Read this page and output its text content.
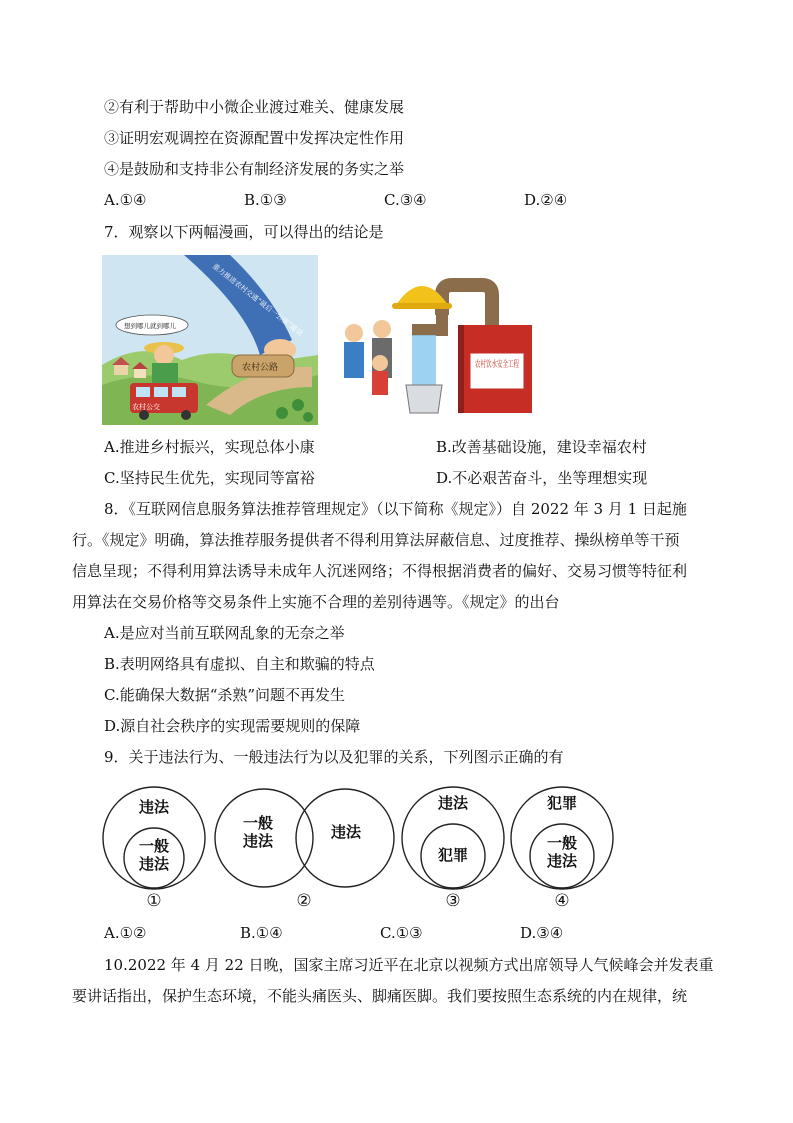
②有利于帮助中小微企业渡过难关、健康发展
③证明宏观调控在资源配置中发挥决定性作用
④是鼓励和支持非公有制经济发展的务实之举
A.①④	B.①③	C.③④	D.②④
7．观察以下两幅漫画，可以得出的结论是
重力推进农村交通“最后一公里”建设
农村公路
想到哪儿就到哪儿
农村公交
农村饮水安全工程
A.推进乡村振兴，实现总体小康	B.改善基础设施，建设幸福农村
C.坚持民生优先，实现同等富裕	D.不必艰苦奋斗，坐等理想实现
8．《互联网信息服务算法推荐管理规定》（以下简称《规定》）自 2022 年 3 月 1 日起施
行。《规定》明确，算法推荐服务提供者不得利用算法屏蔽信息、过度推荐、操纵榜单等干预
信息呈现；不得利用算法诱导未成年人沉迷网络；不得根据消费者的偏好、交易习惯等特征利
用算法在交易价格等交易条件上实施不合理的差别待遇等。《规定》的出台
A.是应对当前互联网乱象的无奈之举
B.表明网络具有虚拟、自主和欺骗的特点
C.能确保大数据“杀熟”问题不再发生
D.源自社会秩序的实现需要规则的保障
9．关于违法行为、一般违法行为以及犯罪的关系，下列图示正确的有
违法
一般
违法
①
一般
违法	违法
②
违法
犯罪
③
犯罪
一般
违法
④
A.①②	B.①④	C.①③	D.③④
10.2022 年 4 月 22 日晚，国家主席习近平在北京以视频方式出席领导人气候峰会并发表重
要讲话指出，保护生态环境，不能头痛医头、脚痛医脚。我们要按照生态系统的内在规律，统
